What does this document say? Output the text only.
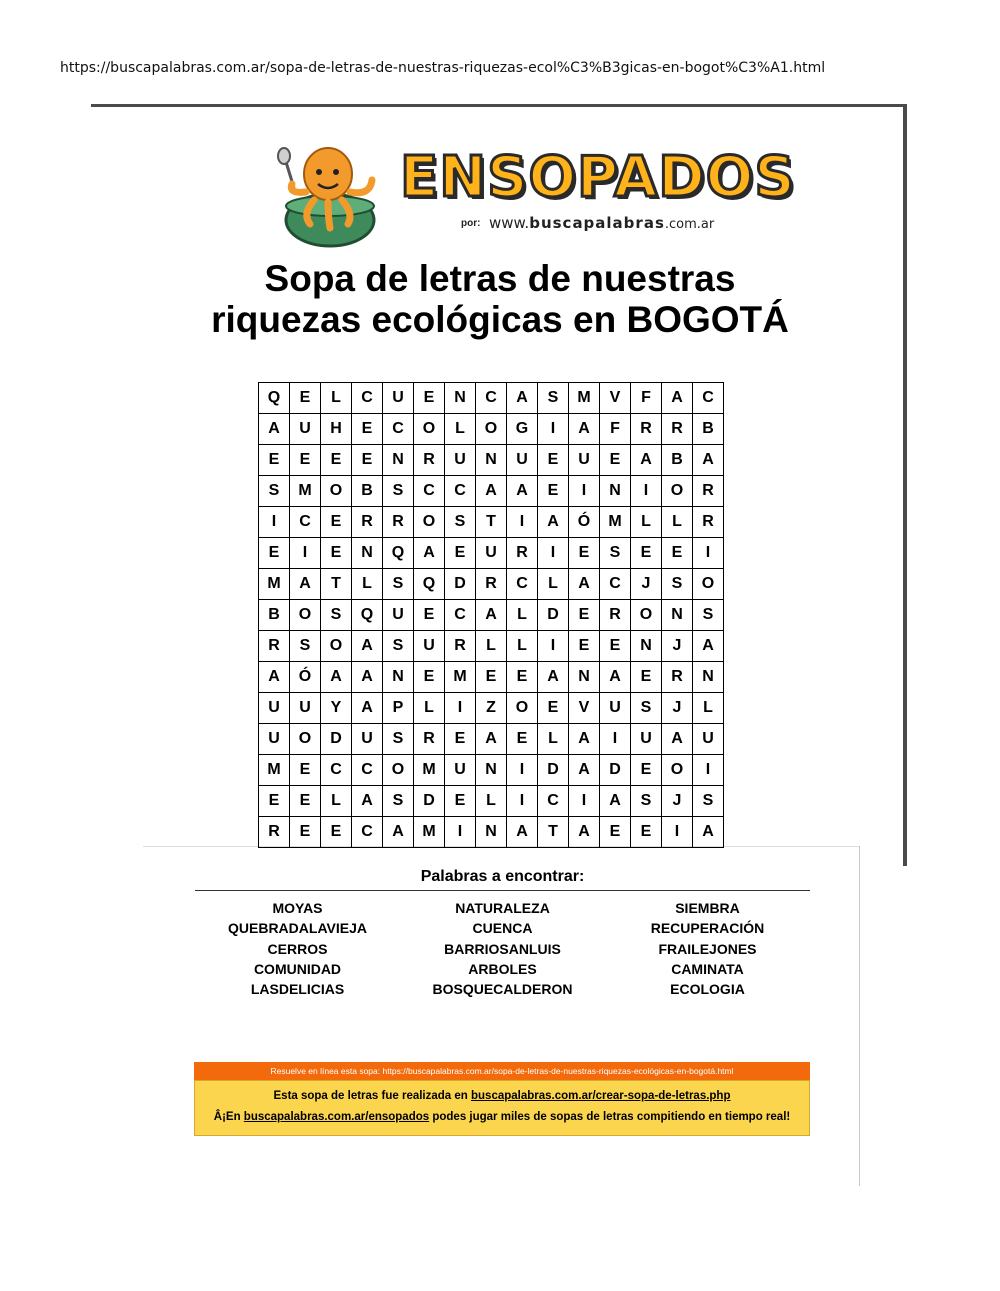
https://buscapalabras.com.ar/sopa-de-letras-de-nuestras-riquezas-ecol%C3%B3gicas-en-bogot%C3%A1.html
ENSOPADOS
por: www.buscapalabras.com.ar
Sopa de letras de nuestras
riquezas ecológicas en BOGOTÁ
Q	E	L	C	U	E	N	C	A	S	M	V	F	A	C
A	U	H	E	C	O	L	O	G	I	A	F	R	R	B
E	E	E	E	N	R	U	N	U	E	U	E	A	B	A
S	M	O	B	S	C	C	A	A	E	I	N	I	O	R
I	C	E	R	R	O	S	T	I	A	Ó	M	L	L	R
E	I	E	N	Q	A	E	U	R	I	E	S	E	E	I
M	A	T	L	S	Q	D	R	C	L	A	C	J	S	O
B	O	S	Q	U	E	C	A	L	D	E	R	O	N	S
R	S	O	A	S	U	R	L	L	I	E	E	N	J	A
A	Ó	A	A	N	E	M	E	E	A	N	A	E	R	N
U	U	Y	A	P	L	I	Z	O	E	V	U	S	J	L
U	O	D	U	S	R	E	A	E	L	A	I	U	A	U
M	E	C	C	O	M	U	N	I	D	A	D	E	O	I
E	E	L	A	S	D	E	L	I	C	I	A	S	J	S
R	E	E	C	A	M	I	N	A	T	A	E	E	I	A
Palabras a encontrar:
MOYAS	NATURALEZA	SIEMBRA
QUEBRADALAVIEJA	CUENCA	RECUPERACIÓN
CERROS	BARRIOSANLUIS	FRAILEJONES
COMUNIDAD	ARBOLES	CAMINATA
LASDELICIAS	BOSQUECALDERON	ECOLOGIA
Resuelve en línea esta sopa: https://buscapalabras.com.ar/sopa-de-letras-de-nuestras-riquezas-ecológicas-en-bogotá.html
Esta sopa de letras fue realizada en buscapalabras.com.ar/crear-sopa-de-letras.php
Â¡En buscapalabras.com.ar/ensopados podes jugar miles de sopas de letras compitiendo en tiempo real!
